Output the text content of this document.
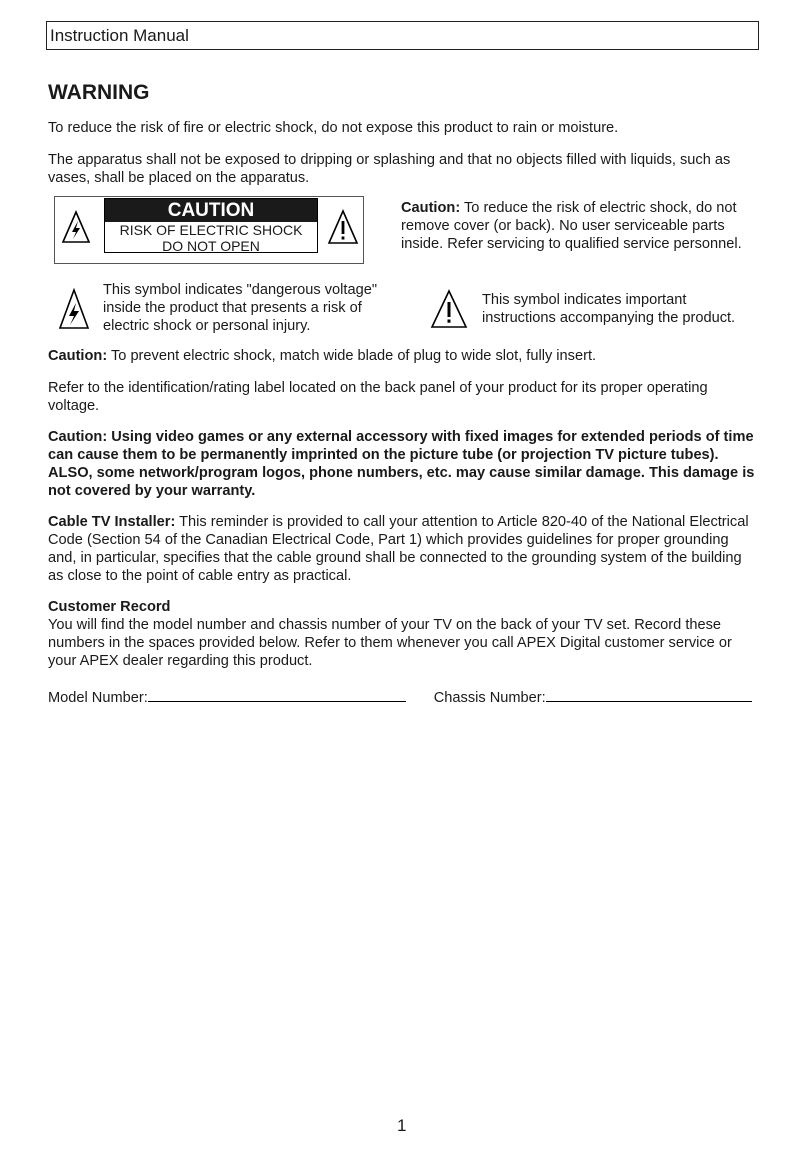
Instruction Manual
WARNING
To reduce the risk of fire or electric shock, do not expose this product to rain or moisture.
The apparatus shall not be exposed to dripping or splashing and that no objects filled with liquids, such as vases, shall be placed on the apparatus.
CAUTION
RISK OF ELECTRIC SHOCK
DO NOT OPEN
Caution: To reduce the risk of electric shock, do not remove cover (or back). No user serviceable parts inside. Refer servicing to qualified service personnel.
This symbol indicates "dangerous voltage" inside the product that presents a risk of electric shock or personal injury.
This symbol indicates important instructions accompanying the product.
Caution: To prevent electric shock, match wide blade of plug to wide slot, fully insert.
Refer to the identification/rating label located on the back panel of your product for its proper operating voltage.
Caution: Using video games or any external accessory with fixed images for extended periods of time can cause them to be permanently imprinted on the picture tube (or projection TV picture tubes). ALSO, some network/program logos, phone numbers, etc. may cause similar damage. This damage is not covered by your warranty.
Cable TV Installer: This reminder is provided to call your attention to Article 820-40 of the National Electrical Code (Section 54 of the Canadian Electrical Code, Part 1) which provides guidelines for proper grounding and, in particular, specifies that the cable ground shall be connected to the grounding system of the building as close to the point of cable entry as practical.
Customer Record
You will find the model number and chassis number of your TV on the back of your TV set. Record these numbers in the spaces provided below. Refer to them whenever you call APEX Digital customer service or your APEX dealer regarding this product.
Model Number:	Chassis Number:
1
